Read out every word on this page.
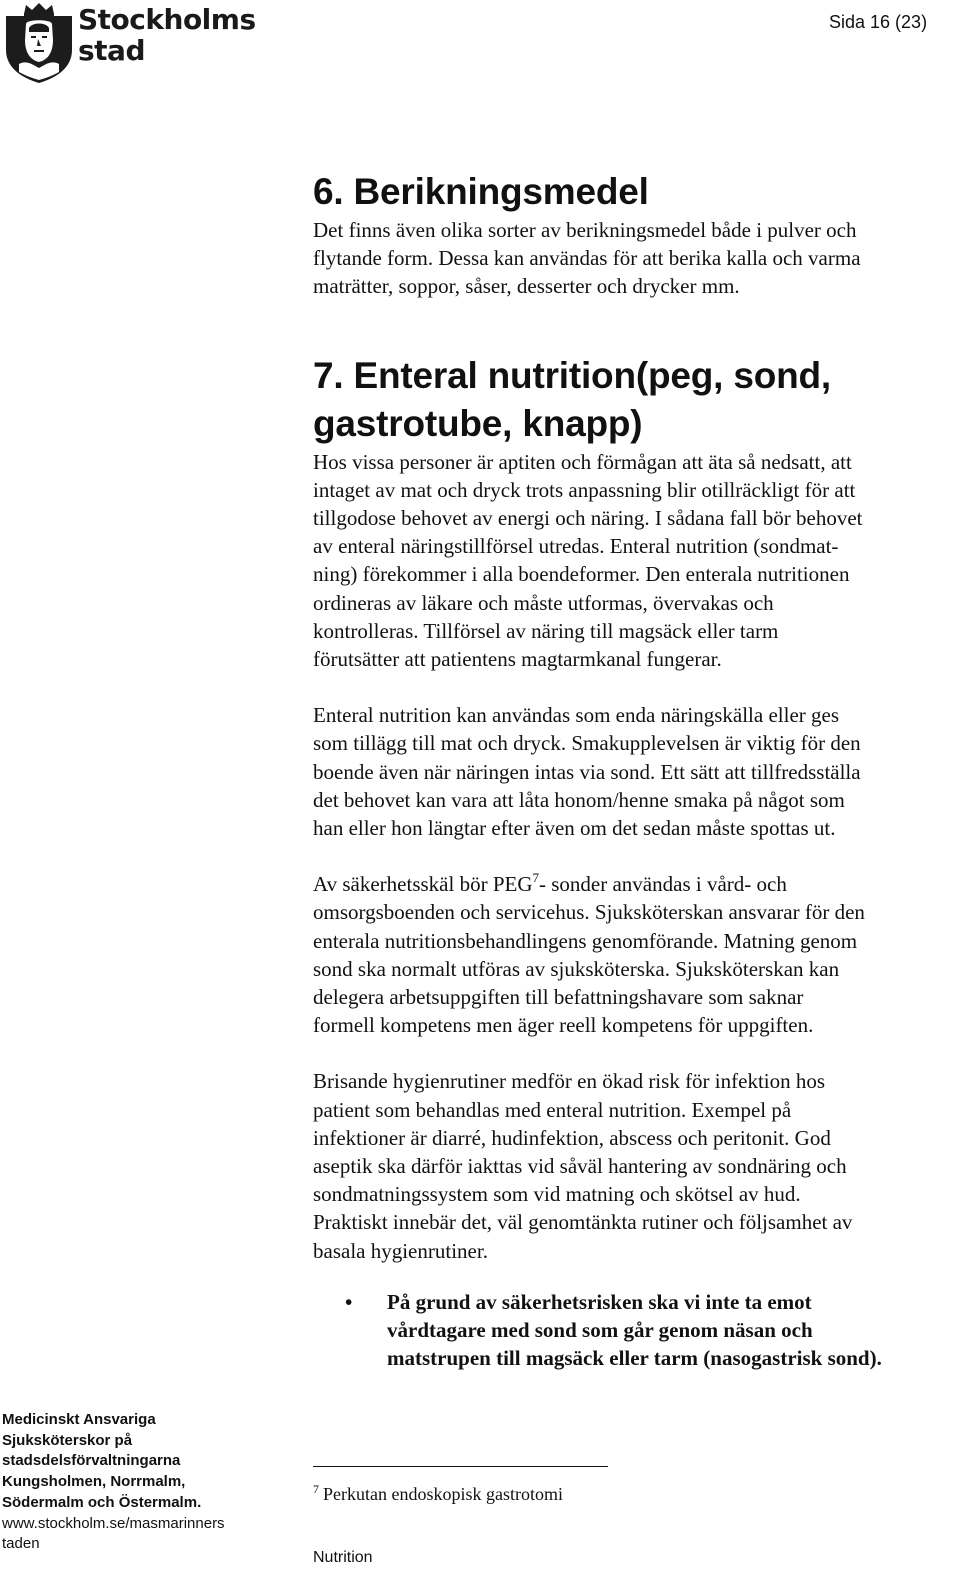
Stockholms
stad
Sida 16 (23)
6. Berikningsmedel

Det finns även olika sorter av berikningsmedel både i pulver och
flytande form. Dessa kan användas för att berika kalla och varma
maträtter, soppor, såser, desserter och drycker mm.

7. Enteral nutrition(peg, sond,
gastrotube, knapp)

Hos vissa personer är aptiten och förmågan att äta så nedsatt, att
intaget av mat och dryck trots anpassning blir otillräckligt för att
tillgodose behovet av energi och näring. I sådana fall bör behovet
av enteral näringstillförsel utredas. Enteral nutrition (sondmat-
ning) förekommer i alla boendeformer. Den enterala nutritionen
ordineras av läkare och måste utformas, övervakas och
kontrolleras. Tillförsel av näring till magsäck eller tarm
förutsätter att patientens magtarmkanal fungerar.

Enteral nutrition kan användas som enda näringskälla eller ges
som tillägg till mat och dryck. Smakupplevelsen är viktig för den
boende även när näringen intas via sond. Ett sätt att tillfredsställa
det behovet kan vara att låta honom/henne smaka på något som
han eller hon längtar efter även om det sedan måste spottas ut.

Av säkerhetsskäl bör PEG$^7$- sonder användas i vård- och
omsorgsboenden och servicehus. Sjuksköterskan ansvarar för den
enterala nutritionsbehandlingens genomförande. Matning genom
sond ska normalt utföras av sjuksköterska. Sjuksköterskan kan
delegera arbetsuppgiften till befattningshavare som saknar
formell kompetens men äger reell kompetens för uppgiften.

Brisande hygienrutiner medför en ökad risk för infektion hos
patient som behandlas med enteral nutrition. Exempel på
infektioner är diarré, hudinfektion, abscess och peritonit. God
aseptik ska därför iakttas vid såväl hantering av sondnäring och
sondmatningssystem som vid matning och skötsel av hud.
Praktiskt innebär det, väl genomtänkta rutiner och följsamhet av
basala hygienrutiner.

•	På grund av säkerhetsrisken ska vi inte ta emot
vårdtagare med sond som går genom näsan och
matstrupen till magsäck eller tarm (nasogastrisk sond).
Medicinskt Ansvariga
Sjuksköterskor på
stadsdelsförvaltningarna
Kungsholmen, Norrmalm,
Södermalm och Östermalm.
www.stockholm.se/masmarinners
taden
$^7$ Perkutan endoskopisk gastrotomi
Nutrition
